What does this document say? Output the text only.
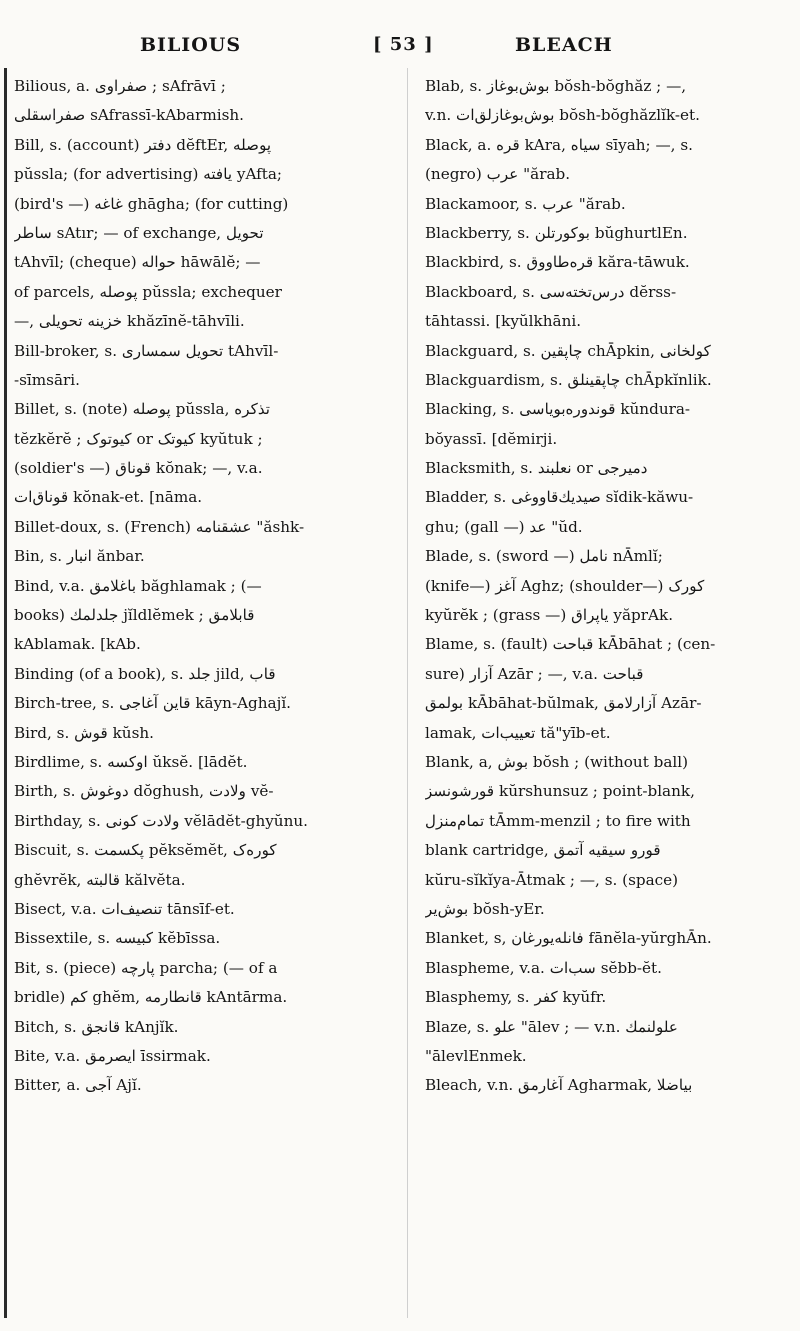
BILIOUS	[ 53 ]	BLEACH
Bilious, a. صفراوی ; sAfrāvī ;
صفراسقلی sAfrassī-kAbarmish.
Bill, s. (account) دفتر dĕftEr, پوصله
pŭssla; (for advertising) یافته yAfta;
(bird's —) غاغه ghāgha; (for cutting)
ساطر sAtır; — of exchange, تحویل
tAhvīl; (cheque) حواله hāwālĕ; —
of parcels, پوصله pŭssla; exchequer
—, خزینه تحویلی khăzīnĕ-tāhvīli.
Bill-broker, s. تحویل سمساری tAhvīl-
-sīmsāri.
Billet, s. (note) پوصله pŭssla, تذکره
tĕzkĕrĕ ; کیوتوک or کیوتک kyŭtuk ;
(soldier's —) قوناق kŏnak; —, v.a.
قوناق‌ات kŏnak-et. [nāma.
Billet-doux, s. (French) عشقنامه "ăshk-
Bin, s. انبار ănbar.
Bind, v.a. باغلامق băghlamak ; (—
books) جلدلمك jĭldlĕmek ; قابلامق
kAblamak. [kAb.
Binding (of a book), s. جلد jild, قاب
Birch-tree, s. قاین آغاجی kāyn-Aghajĭ.
Bird, s. قوش kŭsh.
Birdlime, s. اوکسه ŭksĕ. [lādĕt.
Birth, s. دوغوش dŏghush, ولادت vĕ-
Birthday, s. ولادت کونی vĕlādĕt-ghyŭnu.
Biscuit, s. پکسمت pĕksĕmĕt, کوره‌ک
ghĕvrĕk, قالبته kălvĕta.
Bisect, v.a. تنصیف‌ات tānsīf-et.
Bissextile, s. کبیسه kĕbīssa.
Bit, s. (piece) پارچه parcha; (— of a
bridle) کم ghĕm, قانطارمه kAntārma.
Bitch, s. قانجق kAnjĭk.
Bite, v.a. ایصرمق īssirmak.
Bitter, a. آجی Ajĭ.
Blab, s. بوش‌بوغاز bŏsh-bŏghăz ; —,
v.n. بوش‌بوغازلق‌ات bŏsh-bŏghăzlĭk-et.
Black, a. قره kAra, سیاه sīyah; —, s.
(negro) عرب "ărab.
Blackamoor, s. عرب "ărab.
Blackberry, s. بوکورتلن bŭghurtlEn.
Blackbird, s. قره‌طاووق kăra-tāwuk.
Blackboard, s. درس‌تخته‌سی dĕrss-
tāhtassi. [kyŭlkhāni.
Blackguard, s. چاپقین chĀpkin, کولخانی
Blackguardism, s. چاپقینلق chĀpkĭnlik.
Blacking, s. قوندوره‌بویاسی kŭndura-
bŏyassī. [dĕmirji.
Blacksmith, s. نعلبند or دمیرجی
Bladder, s. صیدیك‌قاووغی sĭdik-kăwu-
ghu; (gall —) عد "ŭd.
Blade, s. (sword —) نامل nĀmlĭ;
(knife—) آغز Aghz; (shoulder—) کورک
kyŭrĕk ; (grass —) یاپراق yăprAk.
Blame, s. (fault) قباحت kĀbāhat ; (cen-
sure) آزار Azār ; —, v.a. قباحت
بولمق kĀbāhat-bŭlmak, آزارلامق Azār-
lamak, تعییب‌ات tă"yīb-et.
Blank, a, بوش bŏsh ; (without ball)
قورشونسز kŭrshunsuz ; point-blank,
تمام‌منزل tĀmm-menzil ; to fire with
blank cartridge, قورو سیقیه آتمق
kŭru-sĭkĭya-Ātmak ; —, s. (space)
بوش‌یر bŏsh-yEr.
Blanket, s, فانله‌یورغان fānĕla-yŭrghĀn.
Blaspheme, v.a. سب‌ات sĕbb-ĕt.
Blasphemy, s. کفر kyŭfr.
Blaze, s. علو "ālev ; — v.n. علولنمك
"ālevlEnmek.
Bleach, v.n. آغارمق Agharmak, بیاضلا
